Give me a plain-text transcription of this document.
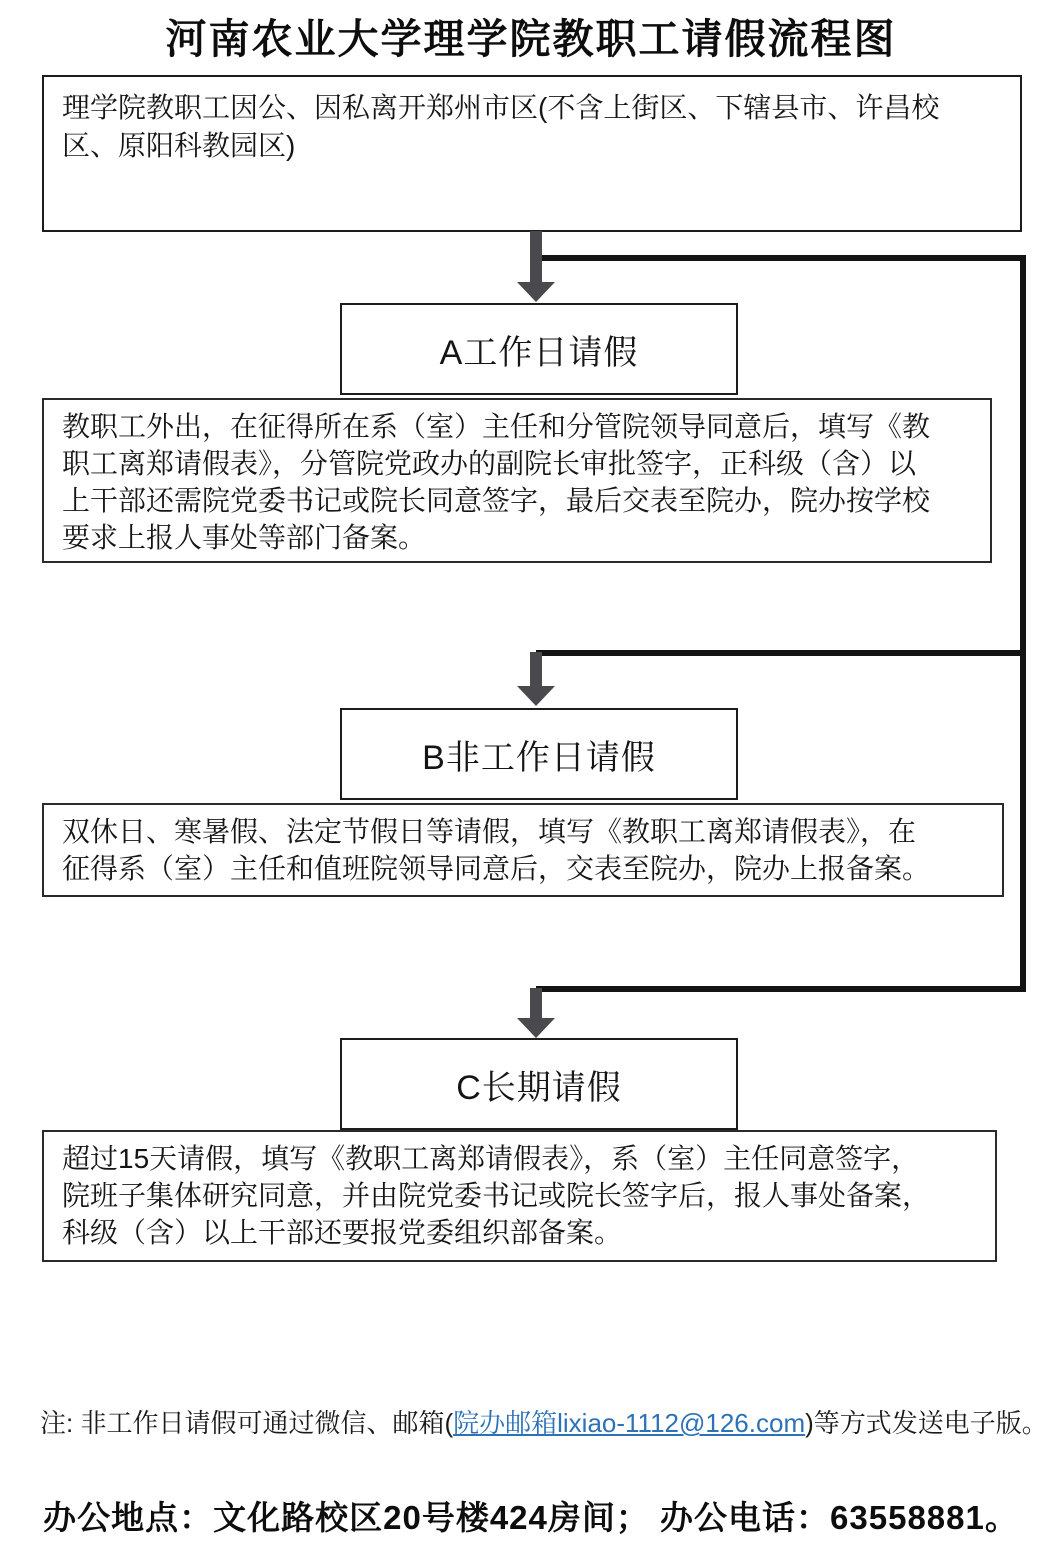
河南农业大学理学院教职工请假流程图
理学院教职工因公、因私离开郑州市区(不含上街区、下辖县市、许昌校
区、原阳科教园区)
A工作日请假
教职工外出，在征得所在系（室）主任和分管院领导同意后，填写《教
职工离郑请假表》，分管院党政办的副院长审批签字，正科级（含）以
上干部还需院党委书记或院长同意签字，最后交表至院办，院办按学校
要求上报人事处等部门备案。
B非工作日请假
双休日、寒暑假、法定节假日等请假，填写《教职工离郑请假表》，在
征得系（室）主任和值班院领导同意后，交表至院办，院办上报备案。
C长期请假
超过15天请假，填写《教职工离郑请假表》，系（室）主任同意签字，
院班子集体研究同意，并由院党委书记或院长签字后，报人事处备案，
科级（含）以上干部还要报党委组织部备案。
注: 非工作日请假可通过微信、邮箱(院办邮箱lixiao-1112@126.com)等方式发送电子版。
办公地点：文化路校区20号楼424房间； 办公电话：63558881。
